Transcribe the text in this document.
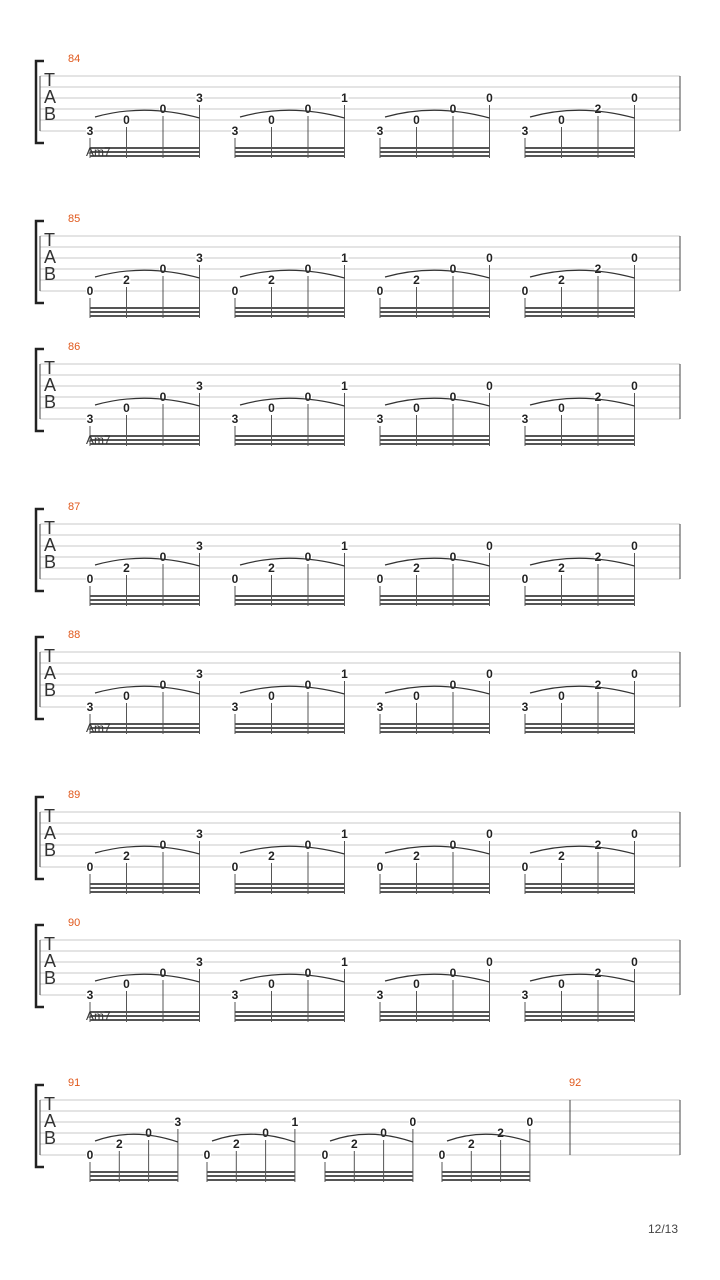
84
T
A
B
3
0
0
3
3
0
0
1
3
0
0
0
3
0
2
0
Am7
85
T
A
B
0
2
0
3
0
2
0
1
0
2
0
0
0
2
2
0
86
T
A
B
3
0
0
3
3
0
0
1
3
0
0
0
3
0
2
0
Am7
87
T
A
B
0
2
0
3
0
2
0
1
0
2
0
0
0
2
2
0
88
T
A
B
3
0
0
3
3
0
0
1
3
0
0
0
3
0
2
0
Am7
89
T
A
B
0
2
0
3
0
2
0
1
0
2
0
0
0
2
2
0
90
T
A
B
3
0
0
3
3
0
0
1
3
0
0
0
3
0
2
0
Am7
91
T
A
B
0
2
0
3
0
2
0
1
0
2
0
0
0
2
2
0
92
12/13
